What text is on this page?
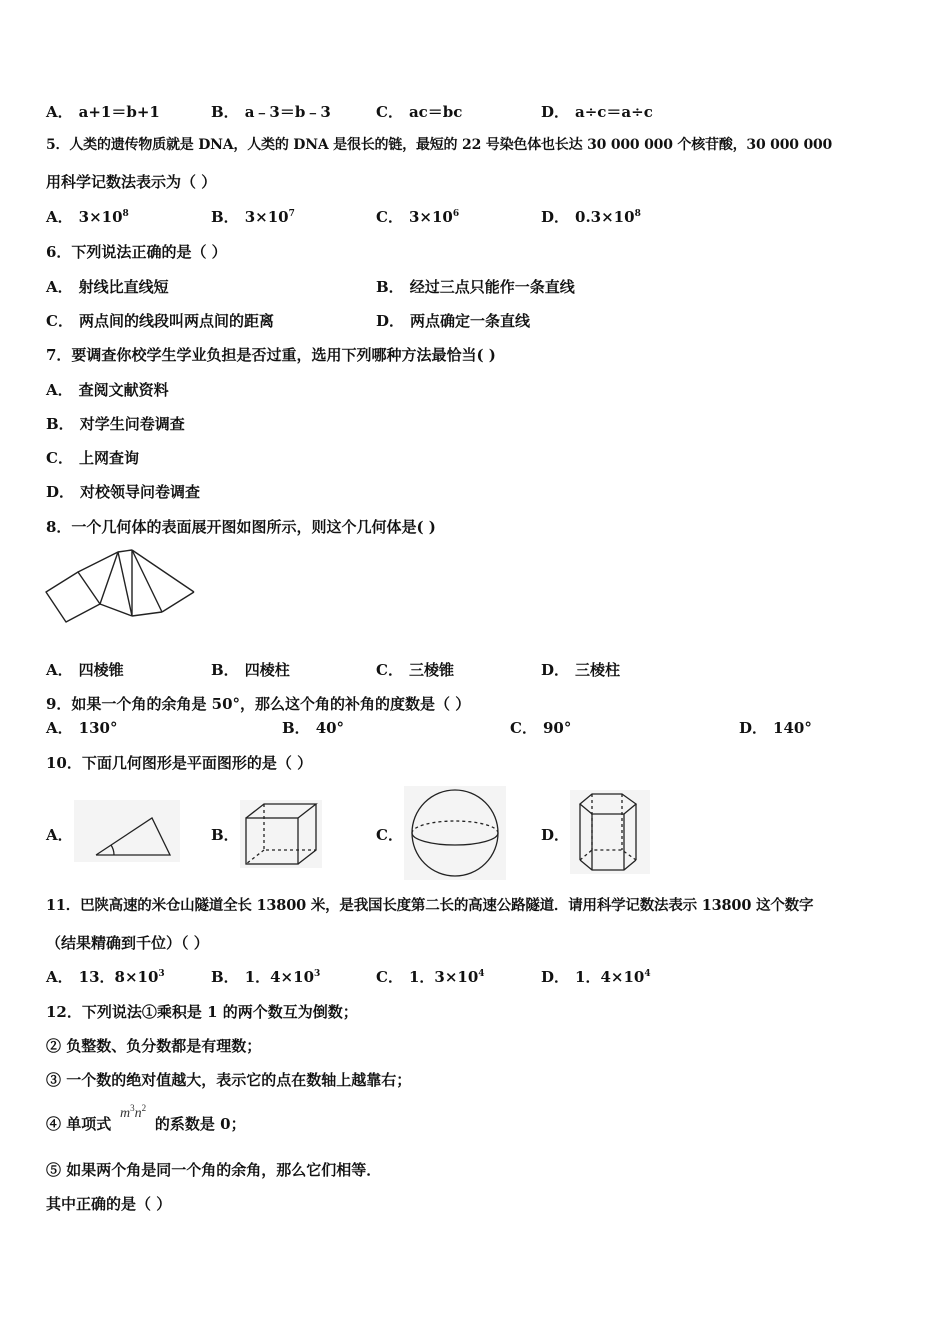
A． a+1＝b+1	B． a﹣3＝b﹣3	C． ac＝bc	D． a÷c＝a÷c
5．人类的遗传物质就是 DNA，人类的 DNA 是很长的链，最短的 22 号染色体也长达 30 000 000 个核苷酸，30 000 000
用科学记数法表示为（ ）
A． $3\times 10^8$	B． $3\times 10^7$	C． $3\times 10^6$	D． $0.3\times 10^8$
6．下列说法正确的是（ ）
A． 射线比直线短	B． 经过三点只能作一条直线
C． 两点间的线段叫两点间的距离	D． 两点确定一条直线
7．要调查你校学生学业负担是否过重，选用下列哪种方法最恰当( )
A． 查阅文献资料
B． 对学生问卷调查
C． 上网查询
D． 对校领导问卷调查
8．一个几何体的表面展开图如图所示，则这个几何体是( )
A． 四棱锥	B． 四棱柱	C． 三棱锥	D． 三棱柱
9．如果一个角的余角是 50°，那么这个角的补角的度数是（ ）
A． 130°	B． 40°	C． 90°	D． 140°
10．下面几何图形是平面图形的是（ ）
A．	B．	C．	D．
11．巴陕高速的米仓山隧道全长 13800 米，是我国长度第二长的高速公路隧道．请用科学记数法表示 13800 这个数字
（结果精确到千位）（ ）
A． 13．$8\times 10^3$	B． 1．$4\times 10^3$	C． 1．$3\times 10^4$	D． 1．$4\times 10^4$
12．下列说法①乘积是 1 的两个数互为倒数；
② 负整数、负分数都是有理数；
③ 一个数的绝对值越大，表示它的点在数轴上越靠右；
④ 单项式 $m^3n^2$ 的系数是 0；
⑤ 如果两个角是同一个角的余角，那么它们相等．
其中正确的是（ ）
